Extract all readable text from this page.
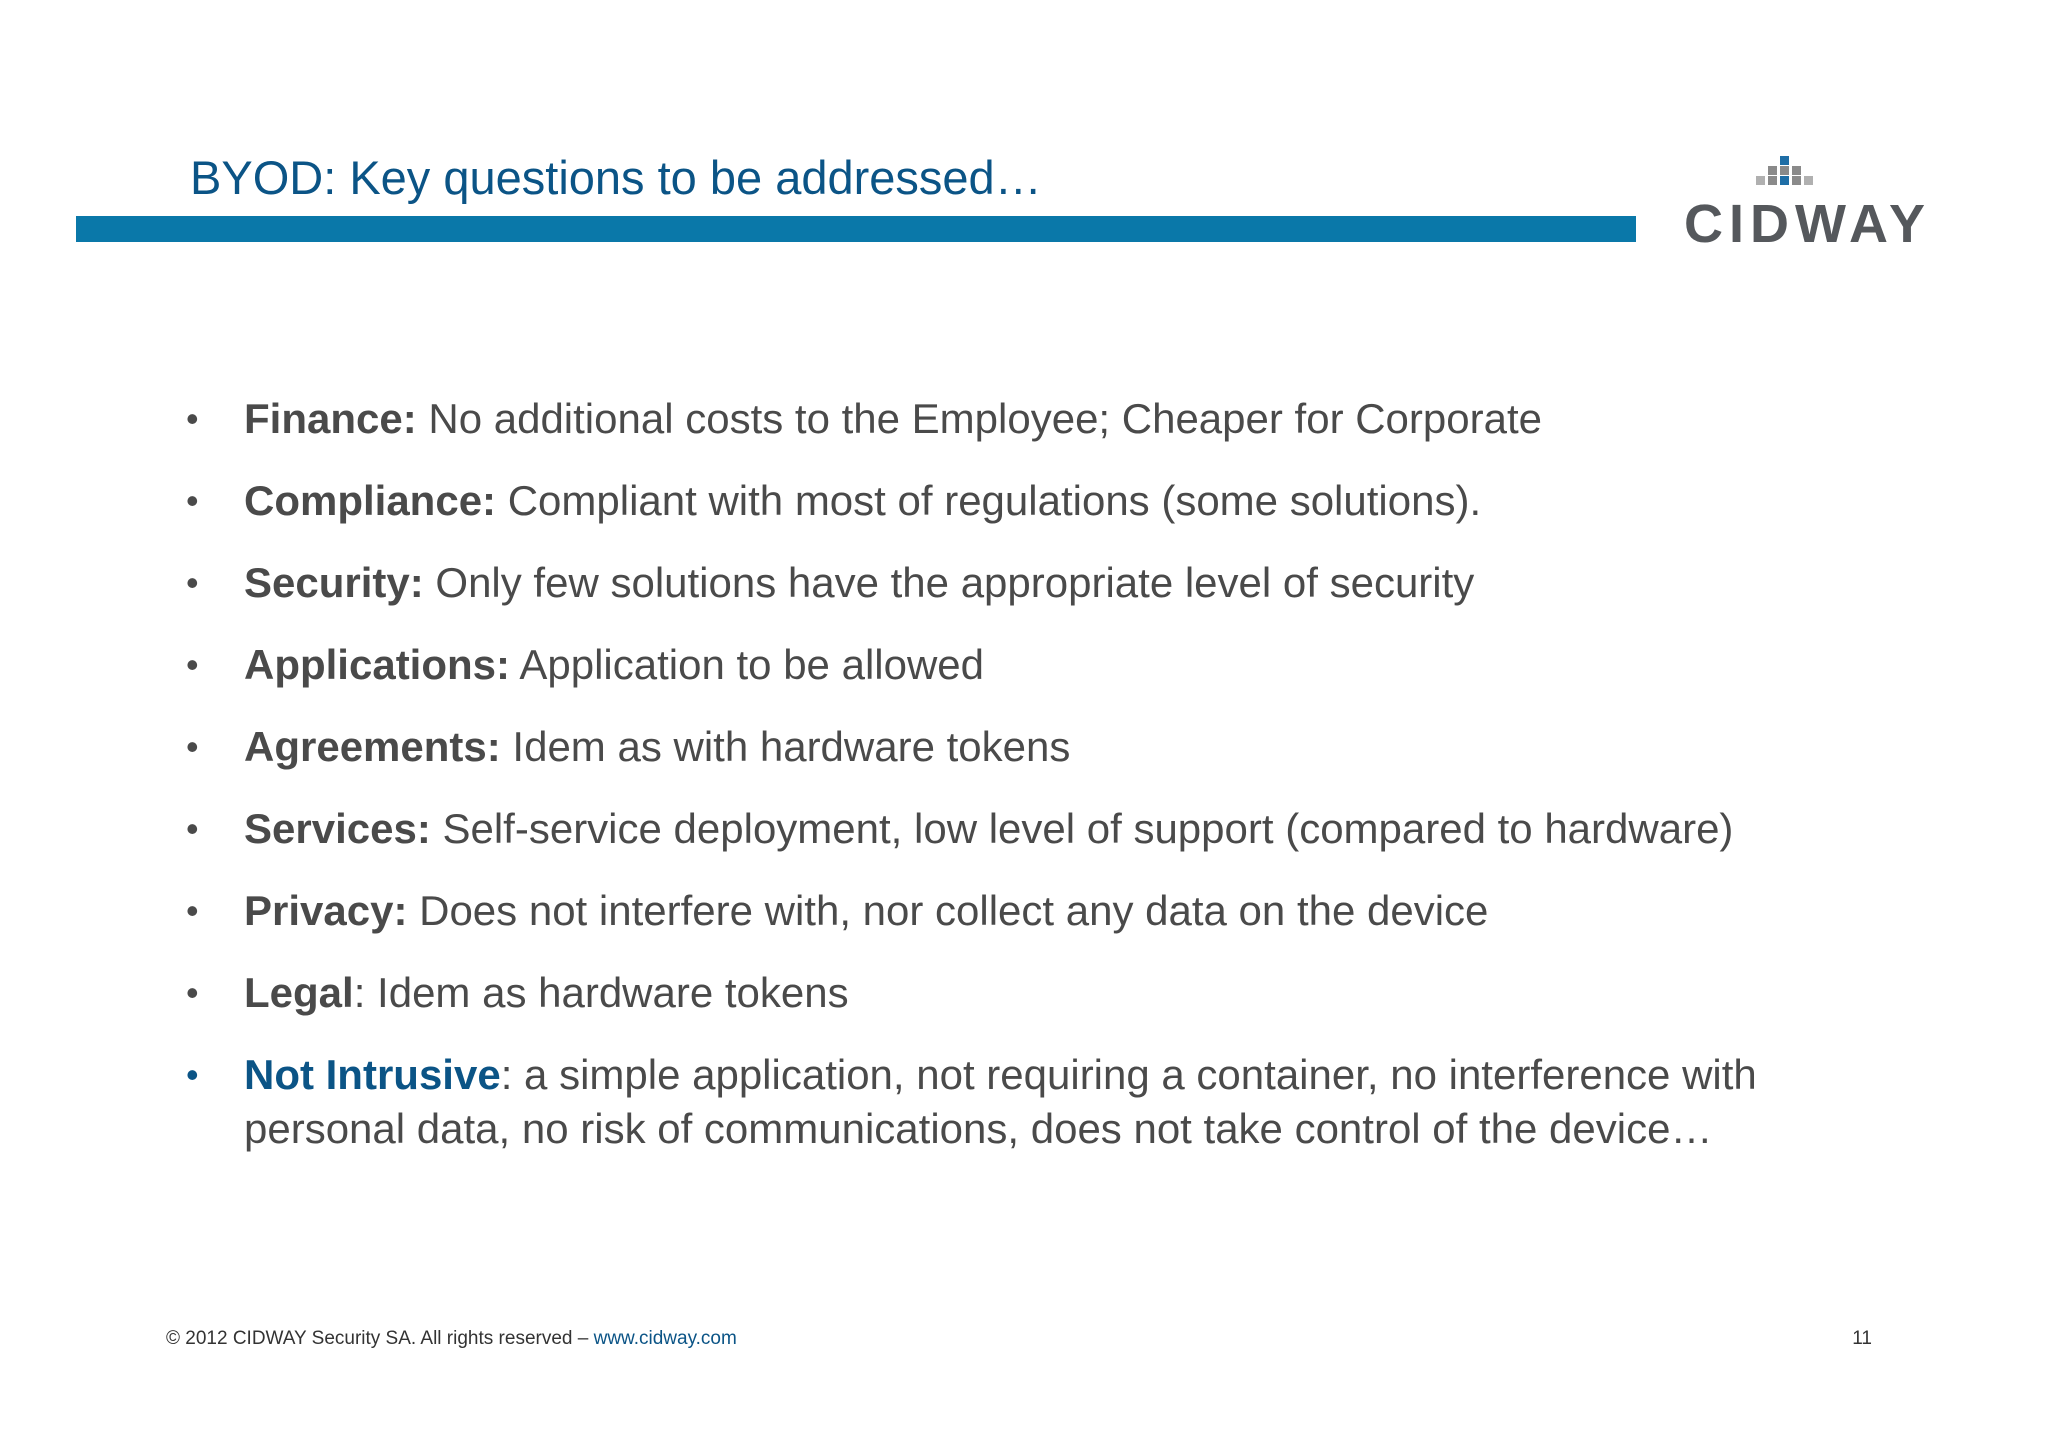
BYOD: Key questions to be addressed…
CIDWAY
• Finance: No additional costs to the Employee; Cheaper for Corporate
• Compliance: Compliant with most of regulations (some solutions).
• Security: Only few solutions have the appropriate level of security
• Applications: Application to be allowed
• Agreements: Idem as with hardware tokens
• Services: Self-service deployment, low level of support (compared to hardware)
• Privacy: Does not interfere with, nor collect any data on the device
• Legal: Idem as hardware tokens
• Not Intrusive: a simple application, not requiring a container, no interference with personal data, no risk of communications, does not take control of the device…
© 2012 CIDWAY Security SA. All rights reserved – www.cidway.com	11
